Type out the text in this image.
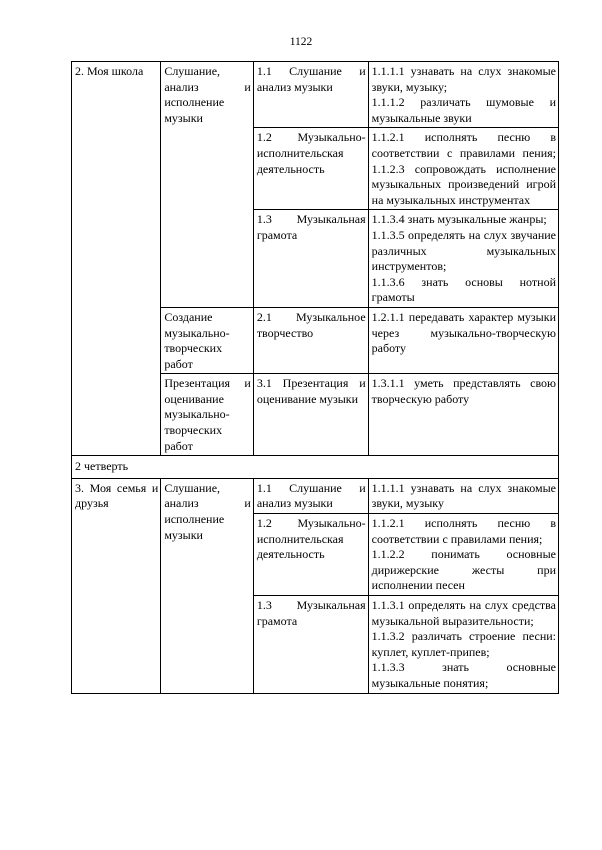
1122
2. Моя школа	Слушание, анализ и исполнение музыки	1.1 Слушание и анализ музыки	1.1.1.1 узнавать на слух знакомые звуки, музыку;
1.1.1.2 различать шумовые и музыкальные звуки

		1.2 Музыкально-исполнительская деятельность	1.1.2.1 исполнять песню в соответствии с правилами пения; 1.1.2.3 сопровождать исполнение музыкальных произведений игрой на музыкальных инструментах

		1.3 Музыкальная грамота	1.1.3.4 знать музыкальные жанры;
1.1.3.5 определять на слух звучание различных музыкальных инструментов;
1.1.3.6 знать основы нотной грамоты

	Создание музыкально-творческих работ	2.1 Музыкальное творчество	1.2.1.1 передавать характер музыки через музыкально-творческую работу

	Презентация и оценивание музыкально-творческих работ	3.1 Презентация и оценивание музыки	1.3.1.1 уметь представлять свою творческую работу

2 четверть			
3. Моя семья и друзья	Слушание, анализ и исполнение музыки	1.1 Слушание и анализ музыки	1.1.1.1 узнавать на слух знакомые звуки, музыку

		1.2 Музыкально-исполнительская деятельность	1.1.2.1 исполнять песню в соответствии с правилами пения;
1.1.2.2 понимать основные дирижерские жесты при исполнении песен

		1.3 Музыкальная грамота	1.1.3.1 определять на слух средства музыкальной выразительности;
1.1.3.2 различать строение песни: куплет, куплет-припев;
1.1.3.3 знать основные музыкальные понятия;
